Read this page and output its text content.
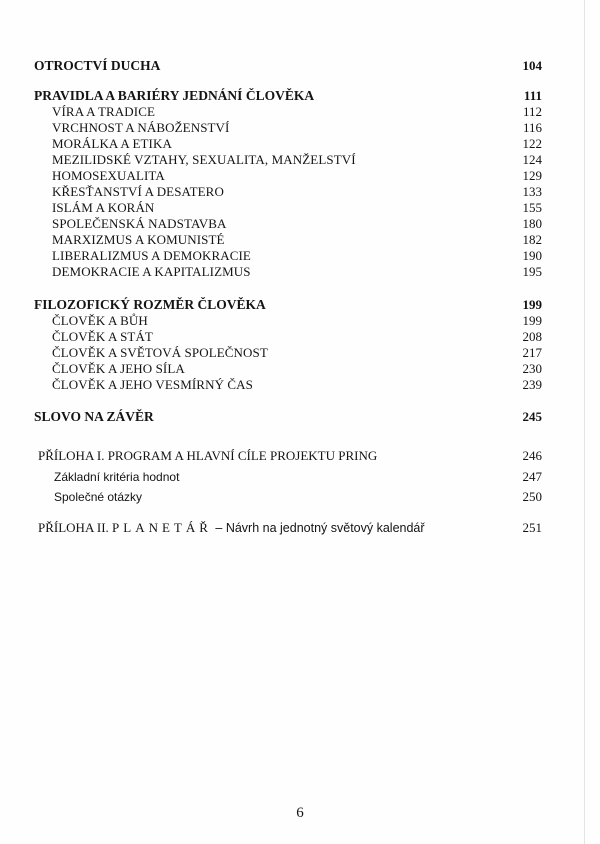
OTROCTVÍ DUCHA	104
PRAVIDLA A BARIÉRY JEDNÁNÍ ČLOVĚKA	111
VÍRA A TRADICE	112
VRCHNOST A NÁBOŽENSTVÍ	116
MORÁLKA A ETIKA	122
MEZILIDSKÉ VZTAHY, SEXUALITA, MANŽELSTVÍ	124
HOMOSEXUALITA	129
KŘESŤANSTVÍ A DESATERO	133
ISLÁM A KORÁN	155
SPOLEČENSKÁ NADSTAVBA	180
MARXIZMUS A KOMUNISTÉ	182
LIBERALIZMUS A DEMOKRACIE	190
DEMOKRACIE A KAPITALIZMUS	195
FILOZOFICKÝ ROZMĚR ČLOVĚKA	199
ČLOVĚK A BŮH	199
ČLOVĚK A STÁT	208
ČLOVĚK A SVĚTOVÁ SPOLEČNOST	217
ČLOVĚK A JEHO SÍLA	230
ČLOVĚK A JEHO VESMÍRNÝ ČAS	239
SLOVO NA ZÁVĚR	245
PŘÍLOHA I. PROGRAM A HLAVNÍ CÍLE PROJEKTU PRING	246
Základní kritéria hodnot	247
Společné otázky	250
PŘÍLOHA II. PLANETÁŘ – Návrh na jednotný světový kalendář	251
6
